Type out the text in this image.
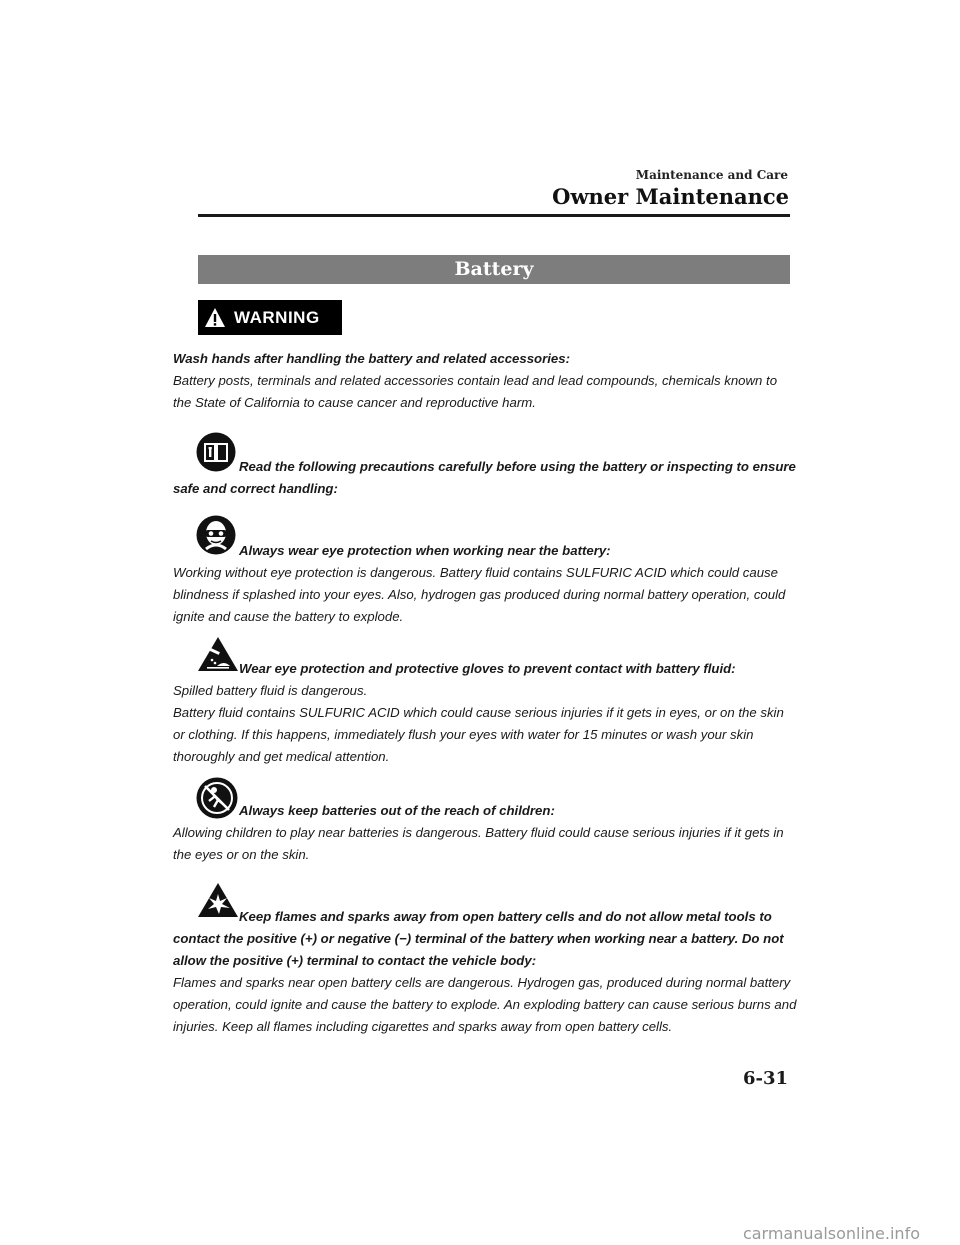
Maintenance and Care
Owner Maintenance
Battery
WARNING

Wash hands after handling the battery and related accessories:

Battery posts, terminals and related accessories contain lead and lead compounds, chemicals known to the State of California to cause cancer and reproductive harm.

Read the following precautions carefully before using the battery or inspecting to ensure safe and correct handling:

Always wear eye protection when working near the battery:

Working without eye protection is dangerous. Battery fluid contains SULFURIC ACID which could cause blindness if splashed into your eyes. Also, hydrogen gas produced during normal battery operation, could ignite and cause the battery to explode.

Wear eye protection and protective gloves to prevent contact with battery fluid:

Spilled battery fluid is dangerous.

Battery fluid contains SULFURIC ACID which could cause serious injuries if it gets in eyes, or on the skin or clothing. If this happens, immediately flush your eyes with water for 15 minutes or wash your skin thoroughly and get medical attention.

Always keep batteries out of the reach of children:

Allowing children to play near batteries is dangerous. Battery fluid could cause serious injuries if it gets in the eyes or on the skin.

Keep flames and sparks away from open battery cells and do not allow metal tools to contact the positive (+) or negative (−) terminal of the battery when working near a battery. Do not allow the positive (+) terminal to contact the vehicle body:

Flames and sparks near open battery cells are dangerous. Hydrogen gas, produced during normal battery operation, could ignite and cause the battery to explode. An exploding battery can cause serious burns and injuries. Keep all flames including cigarettes and sparks away from open battery cells.

6-31
carmanualsonline.info
